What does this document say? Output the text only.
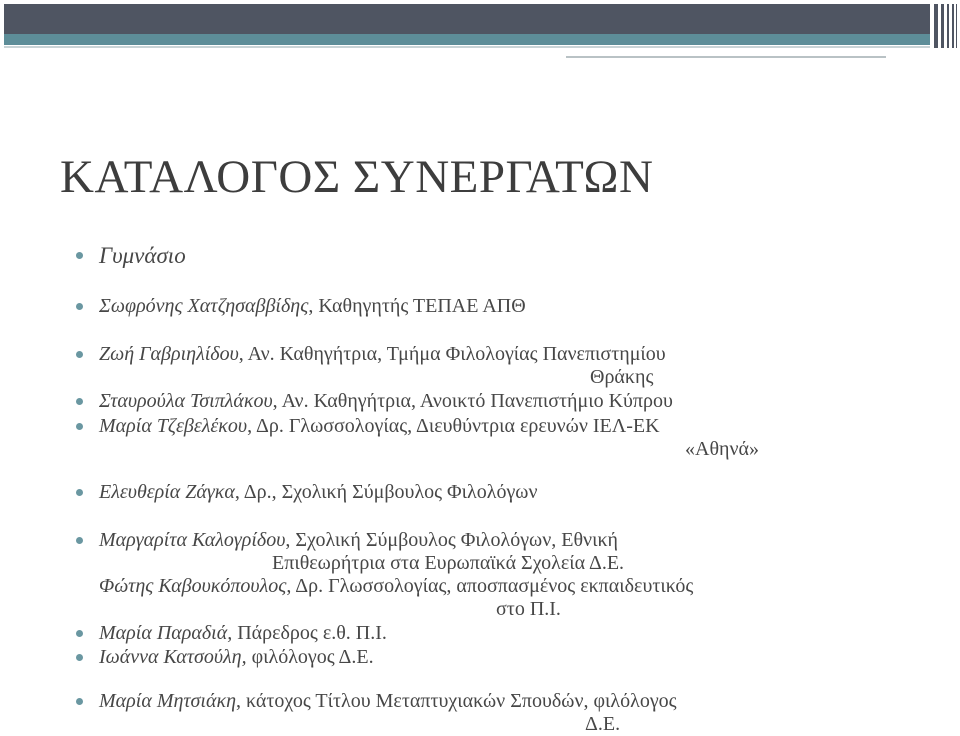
ΚΑΤΑΛΟΓΟΣ ΣΥΝΕΡΓΑΤΩΝ
Γυμνάσιο
Σωφρόνης Χατζησαββίδης, Καθηγητής ΤΕΠΑΕ ΑΠΘ
Ζωή Γαβριηλίδου, Αν. Καθηγήτρια, Τμήμα Φιλολογίας Πανεπιστημίου
Θράκης
Σταυρούλα Τσιπλάκου, Αν. Καθηγήτρια, Ανοικτό Πανεπιστήμιο Κύπρου
Μαρία Τζεβελέκου, Δρ. Γλωσσολογίας, Διευθύντρια ερευνών ΙΕΛ-ΕΚ
«Αθηνά»
Ελευθερία Ζάγκα, Δρ., Σχολική Σύμβουλος Φιλολόγων
Μαργαρίτα Καλογρίδου, Σχολική Σύμβουλος Φιλολόγων, Εθνική
Επιθεωρήτρια στα Ευρωπαϊκά Σχολεία Δ.Ε.
Φώτης Καβουκόπουλος, Δρ. Γλωσσολογίας, αποσπασμένος εκπαιδευτικός
στο Π.Ι.
Μαρία Παραδιά, Πάρεδρος ε.θ. Π.Ι.
Ιωάννα Κατσούλη, φιλόλογος Δ.Ε.
Μαρία Μητσιάκη, κάτοχος Τίτλου Μεταπτυχιακών Σπουδών, φιλόλογος
Δ.Ε.
